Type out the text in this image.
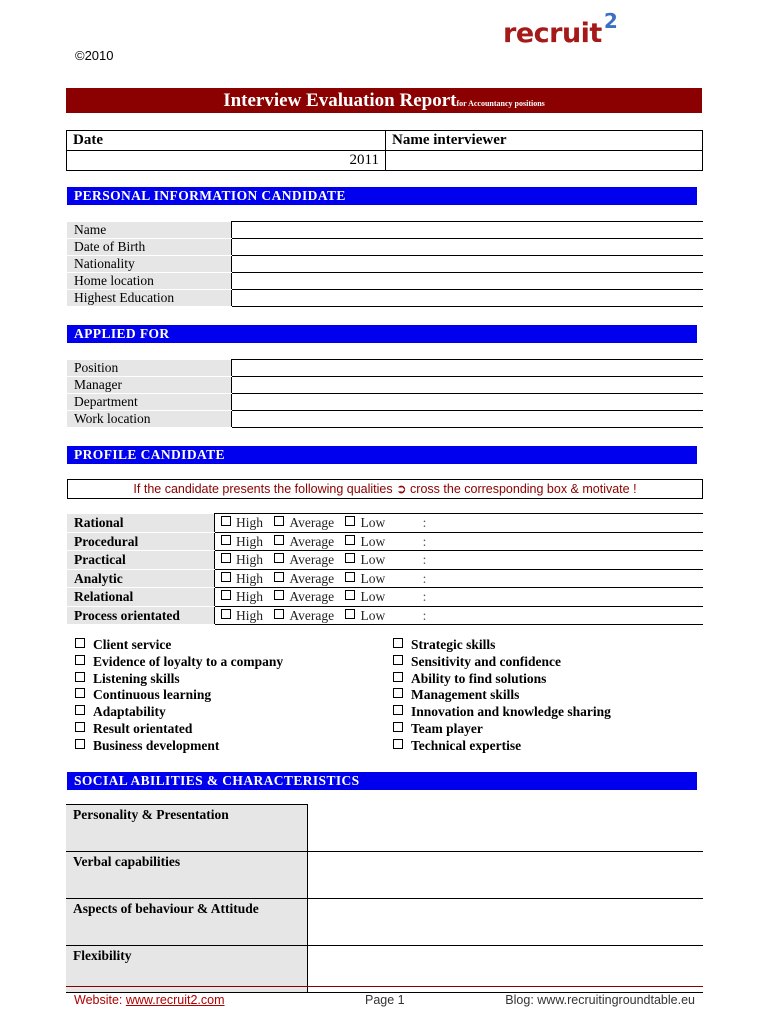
©2010
recruit 2
Interview Evaluation Reportfor Accountancy positions
Date	Name interviewer
2011	
PERSONAL INFORMATION CANDIDATE
Name	
Date of Birth	
Nationality	
Home location	
Highest Education	
APPLIED FOR
Position	
Manager	
Department	
Work location	
PROFILE CANDIDATE
If the candidate presents the following qualities ➲ cross the corresponding box & motivate !
Rational	High Average Low :
Procedural	High Average Low :
Practical	High Average Low :
Analytic	High Average Low :
Relational	High Average Low :
Process orientated	High Average Low :
Client service
Evidence of loyalty to a company
Listening skills
Continuous learning
Adaptability
Result orientated
Business development
Strategic skills
Sensitivity and confidence
Ability to find solutions
Management skills
Innovation and knowledge sharing
Team player
Technical expertise
SOCIAL ABILITIES & CHARACTERISTICS
Personality & Presentation	
Verbal capabilities	
Aspects of behaviour & Attitude	
Flexibility	
Website: www.recruit2.com	Page 1	Blog: www.recruitingroundtable.eu
